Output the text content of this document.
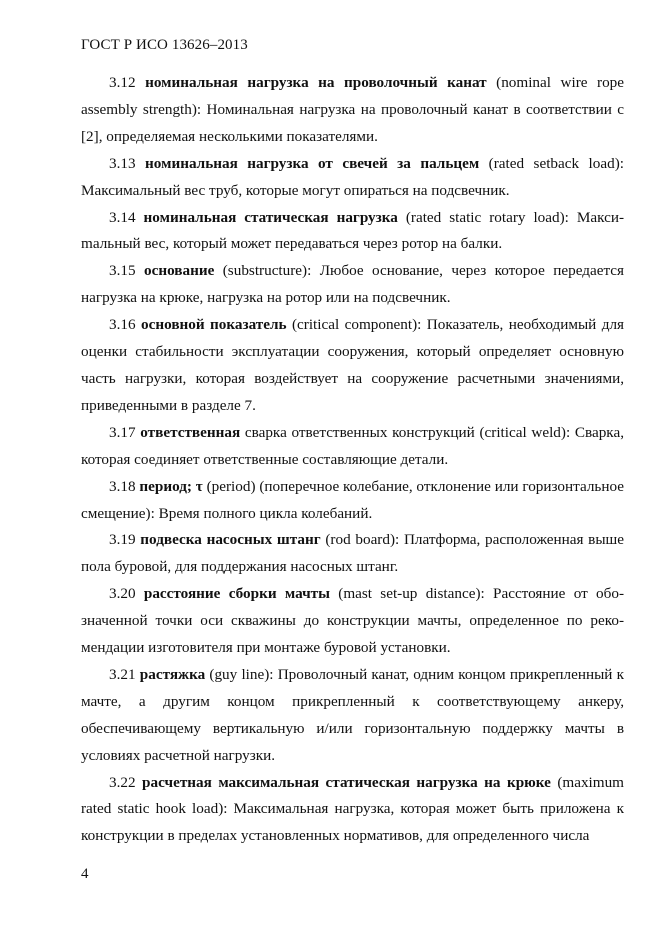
ГОСТ Р ИСО 13626–2013

3.12 номинальная нагрузка на проволочный канат (nominal wire rope assembly strength): Номинальная нагрузка на проволочный канат в соответствии с [2], определяемая несколькими показателями.

3.13 номинальная нагрузка от свечей за пальцем (rated setback load): Максимальный вес труб, которые могут опираться на подсвечник.

3.14 номинальная статическая нагрузка (rated static rotary load): Максиmальный вес, который может передаваться через ротор на балки.

3.15 основание (substructure): Любое основание, через которое передается нагрузка на крюке, нагрузка на ротор или на подсвечник.

3.16 основной показатель (critical component): Показатель, необходимый для оценки стабильности эксплуатации сооружения, который определяет основную часть нагрузки, которая воздействует на сооружение расчетными значениями, приведенными в разделе 7.

3.17 ответственная сварка ответственных конструкций (critical weld): Сварка, которая соединяет ответственные составляющие детали.

3.18 период; τ (period) (поперечное колебание, отклонение или горизонтальное смещение): Время полного цикла колебаний.

3.19 подвеска насосных штанг (rod board): Платформа, расположенная выше пола буровой, для поддержания насосных штанг.

3.20 расстояние сборки мачты (mast set-up distance): Расстояние от обозначенной точки оси скважины до конструкции мачты, определенное по рекомендации изготовителя при монтаже буровой установки.

3.21 растяжка (guy line): Проволочный канат, одним концом прикрепленный к мачте, а другим концом прикрепленный к соответствующему анкеру, обеспечивающему вертикальную и/или горизонтальную поддержку мачты в условиях расчетной нагрузки.

3.22 расчетная максимальная статическая нагрузка на крюке (maximum rated static hook load): Максимальная нагрузка, которая может быть приложена к конструкции в пределах установленных нормативов, для определенного числа

4
